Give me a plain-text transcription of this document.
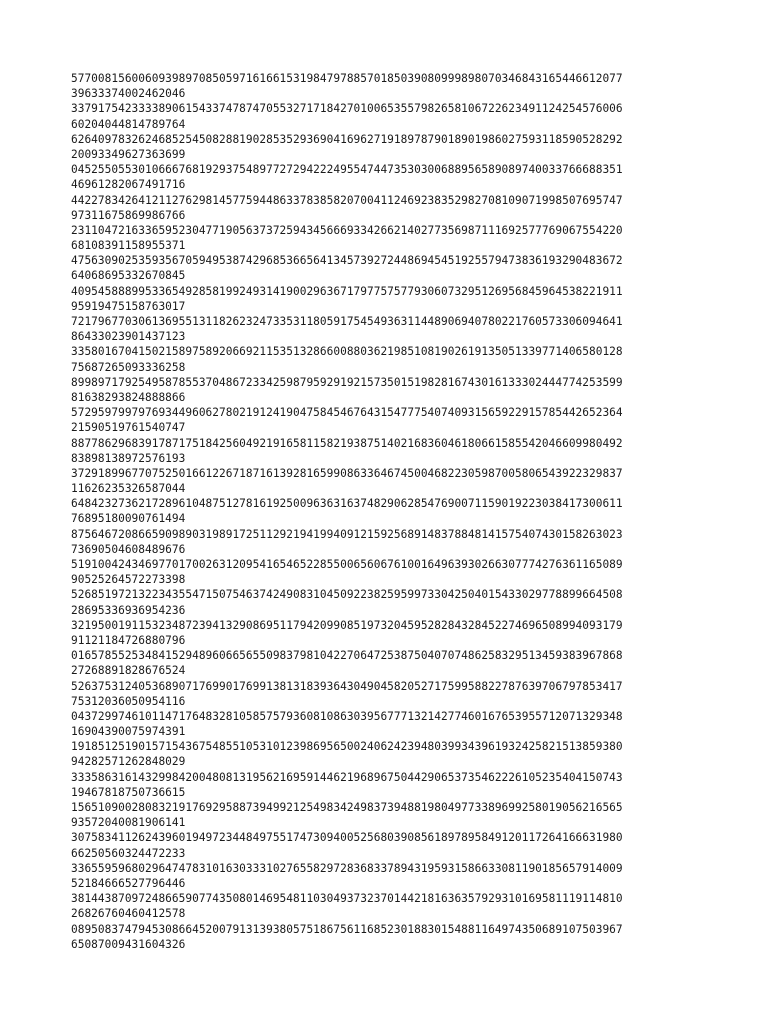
5770081560060939897085059716166153198479788570185039080999898070346843165446612077
39633374002462046
3379175423333890615433747874705532717184270100653557982658106722623491124254576006
60204044814789764
6264097832624685254508288190285352936904169627191897879018901986027593118590528292
20093349627363699
0452550553010666768192937548977272942224955474473530300688956589089740033766688351
46961282067491716
4422783426412112762981457759448633783858207004112469238352982708109071998507695747
97311675869986766
2311047216336595230477190563737259434566693342662140277356987111692577769067554220
68108391158955371
4756309025359356705949538742968536656413457392724486945451925579473836193290483672
64068695332670845
4095458889953365492858199249314190029636717977575779306073295126956845964538221911
95919475158763017
7217967703061369551311826232473353118059175454936311448906940780221760573306094641
86433023901437123
3358016704150215897589206692115351328660088036219851081902619135051339771406580128
75687265093336258
8998971792549587855370486723342598795929192157350151982816743016133302444774253599
81638293824888866
5729597997976934496062780219124190475845467643154777540740931565922915785442652364
21590519761540747
8877862968391787175184256049219165811582193875140216836046180661585542046609980492
83898138972576193
3729189967707525016612267187161392816599086336467450046822305987005806543922329837
11626235326587044
6484232736217289610487512781619250096363163748290628547690071159019223038417300611
76895180090761494
8756467208665909890319891725112921941994091215925689148378848141575407430158263023
73690504608489676
5191004243469770170026312095416546522855006560676100164963930266307774276361165089
90525264572273398
5268519721322343554715075463742490831045092238259599733042504015433029778899664508
28695336936954236
3219500191153234872394132908695117942099085197320459528284328452274696508994093179
91121184726880796
0165785525348415294896066565509837981042270647253875040707486258329513459383967868
27268891828676524
5263753124053689071769901769913813183936430490458205271759958822787639706797853417
75312036050954116
0437299746101147176483281058575793608108630395677713214277460167653955712071329348
16904390075974391
1918512519015715436754855105310123986956500240624239480399343961932425821513859380
94282571262848029
3335863161432998420048081319562169591446219689675044290653735462226105235404150743
19467818750736615
1565109002808321917692958873949921254983424983739488198049773389699258019056216565
93572040081906141
3075834112624396019497234484975517473094005256803908561897895849120117264166631980
66250560324472233
3365595968029647478310163033310276558297283683378943195931586633081190185657914009
52184666527796446
3814438709724866590774350801469548110304937323701442181636357929310169581119114810
26826760460412578
0895083747945308664520079131393805751867561168523018830154881164974350689107503967
65087009431604326
